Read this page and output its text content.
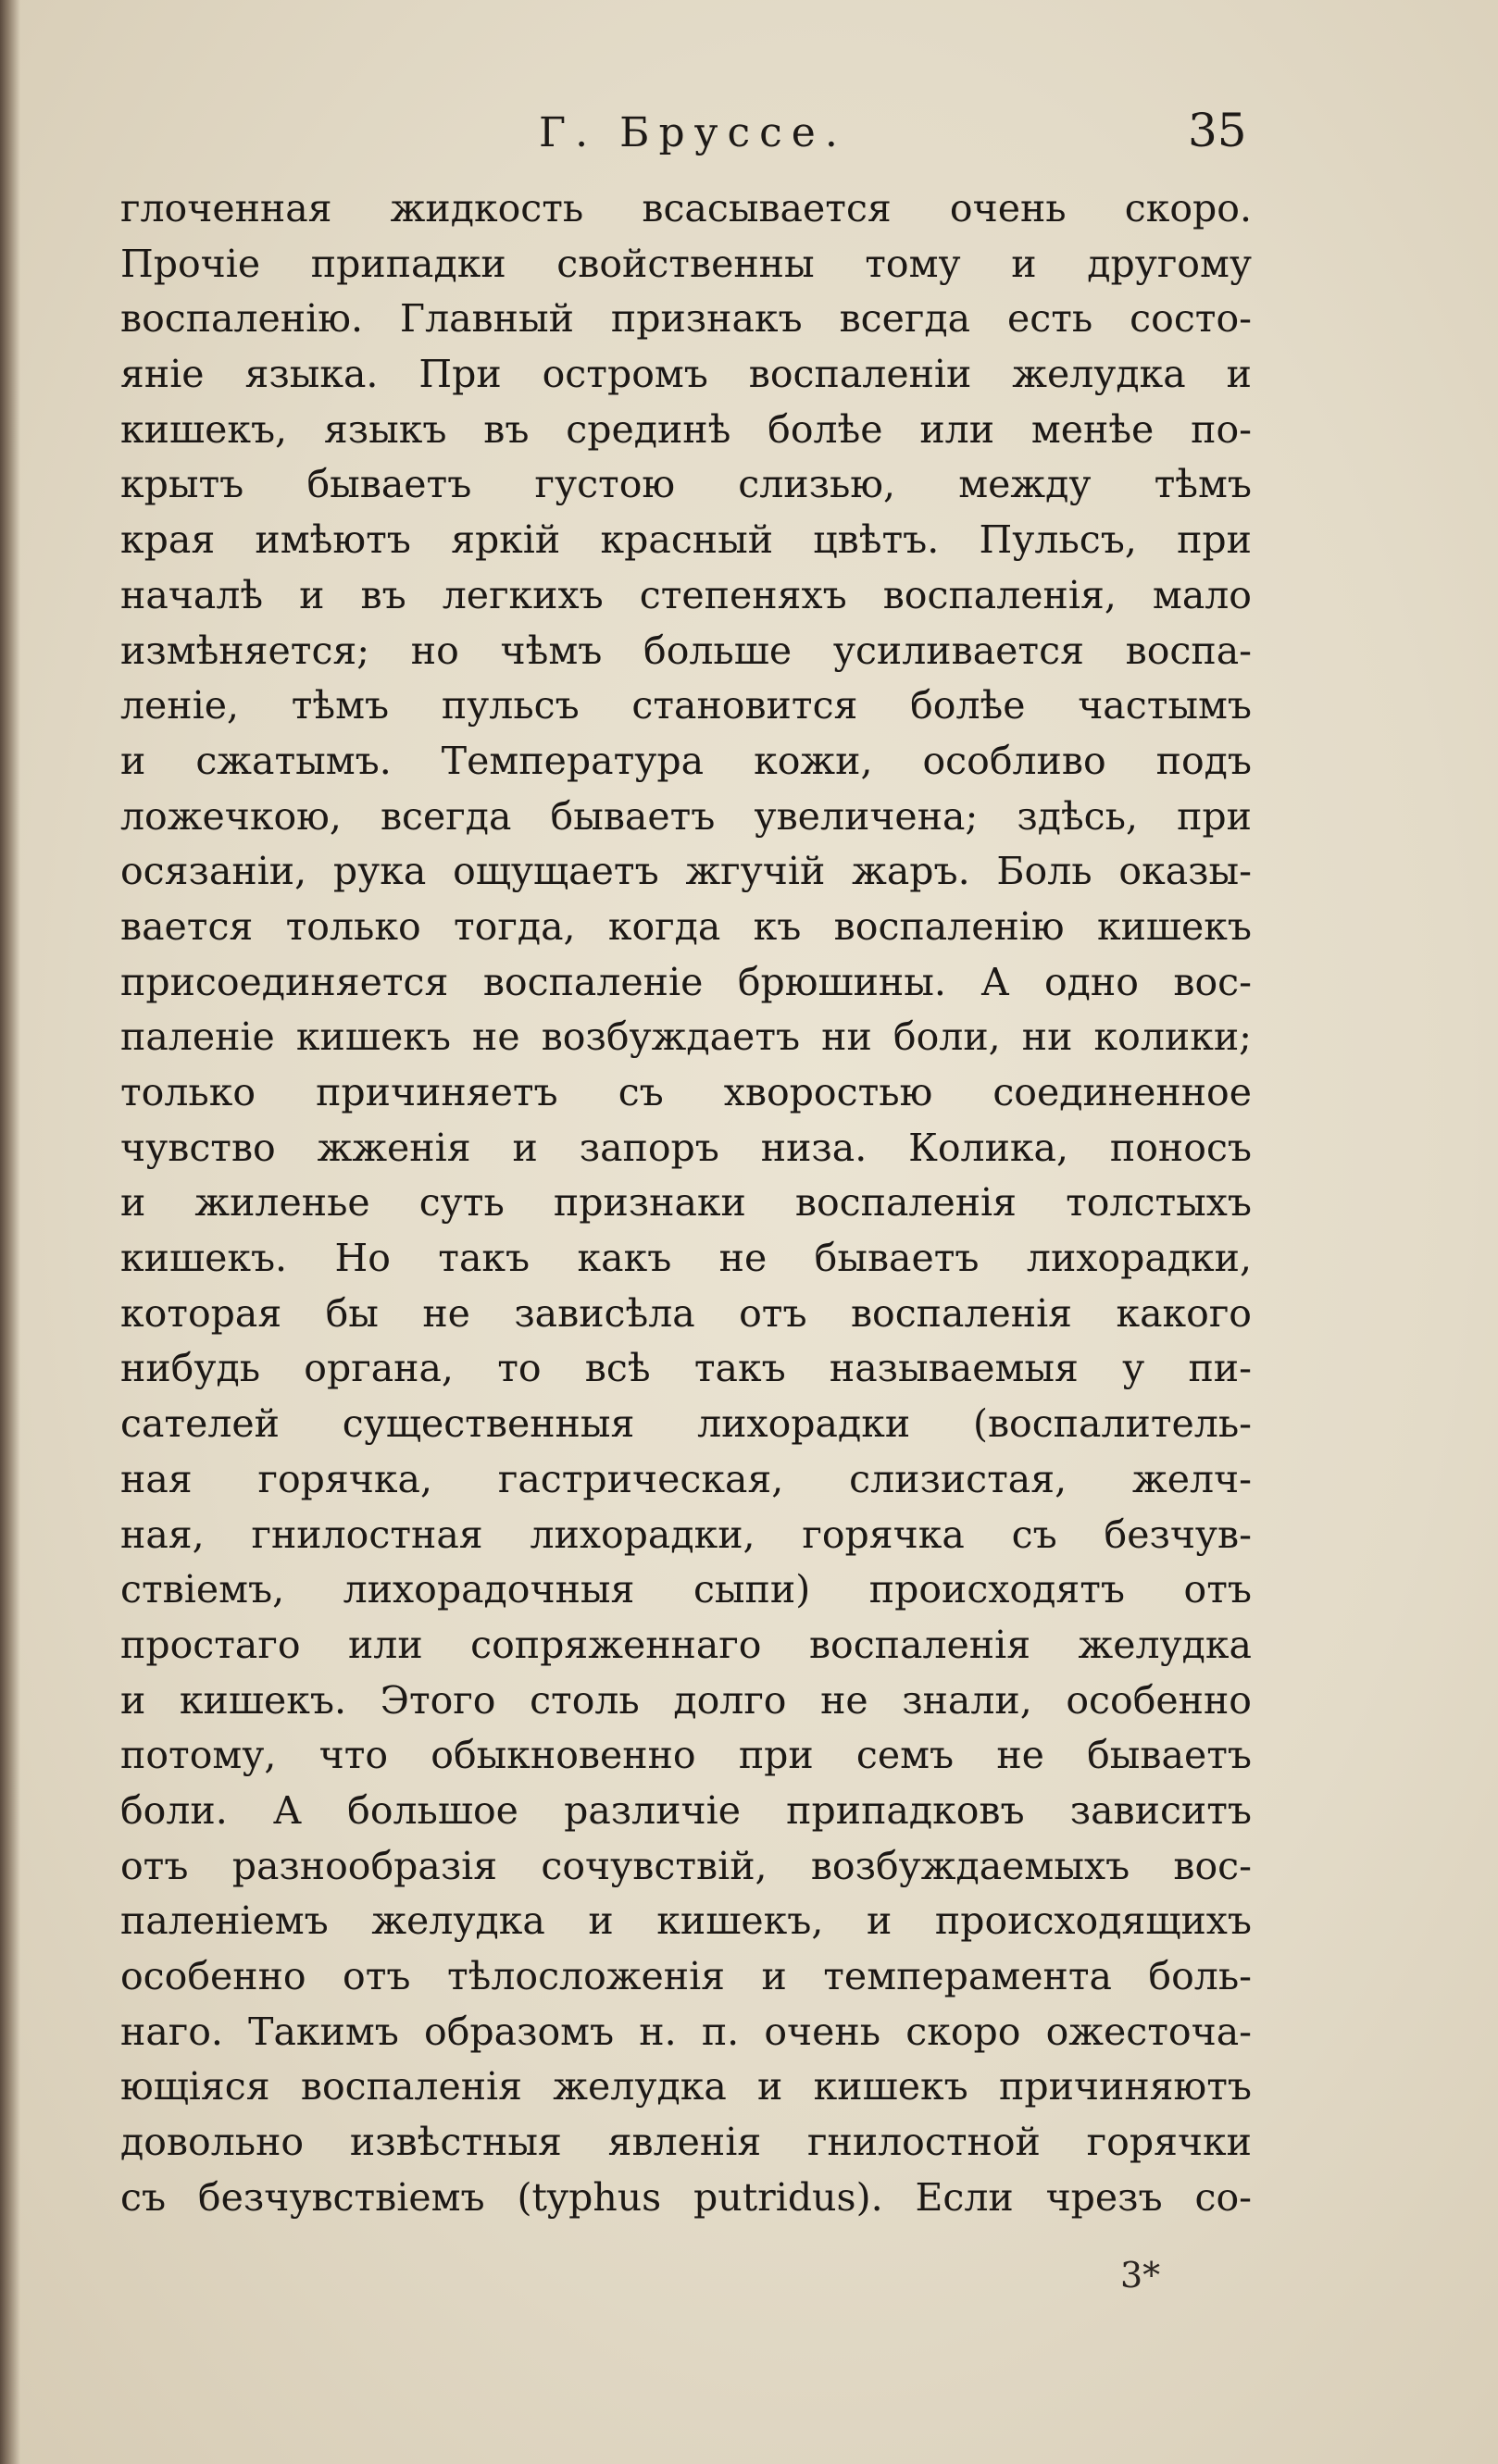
Г. Бруссе.	35
глоченная жидкость всасывается очень скоро.
Прочіе припадки свойственны тому и другому
воспаленію. Главный признакъ всегда есть состо-
яніе языка. При остромъ воспаленіи желудка и
кишекъ, языкъ въ срединѣ болѣе или менѣе по-
крытъ бываетъ густою слизью, между тѣмъ
края имѣютъ яркій красный цвѣтъ. Пульсъ, при
началѣ и въ легкихъ степеняхъ воспаленія, мало
измѣняется; но чѣмъ больше усиливается воспа-
леніе, тѣмъ пульсъ становится болѣе частымъ
и сжатымъ. Температура кожи, особливо подъ
ложечкою, всегда бываетъ увеличена; здѣсь, при
осязаніи, рука ощущаетъ жгучій жаръ. Боль оказы-
вается только тогда, когда къ воспаленію кишекъ
присоединяется воспаленіе брюшины. А одно вос-
паленіе кишекъ не возбуждаетъ ни боли, ни колики;
только причиняетъ съ хворостью соединенное
чувство жженія и запоръ низа. Колика, поносъ
и жиленье суть признаки воспаленія толстыхъ
кишекъ. Но такъ какъ не бываетъ лихорадки,
которая бы не зависѣла отъ воспаленія какого
нибудь органа, то всѣ такъ называемыя у пи-
сателей существенныя лихорадки (воспалитель-
ная горячка, гастрическая, слизистая, желч-
ная, гнилостная лихорадки, горячка съ безчув-
ствіемъ, лихорадочныя сыпи) происходятъ отъ
простаго или сопряженнаго воспаленія желудка
и кишекъ. Этого столь долго не знали, особенно
потому, что обыкновенно при семъ не бываетъ
боли. А большое различіе припадковъ зависитъ
отъ разнообразія сочувствій, возбуждаемыхъ вос-
паленіемъ желудка и кишекъ, и происходящихъ
особенно отъ тѣлосложенія и темперамента боль-
наго. Такимъ образомъ н. п. очень скоро ожесточа-
ющіяся воспаленія желудка и кишекъ причиняютъ
довольно извѣстныя явленія гнилостной горячки
съ безчувствіемъ (typhus putridus). Если чрезъ со-
3*
